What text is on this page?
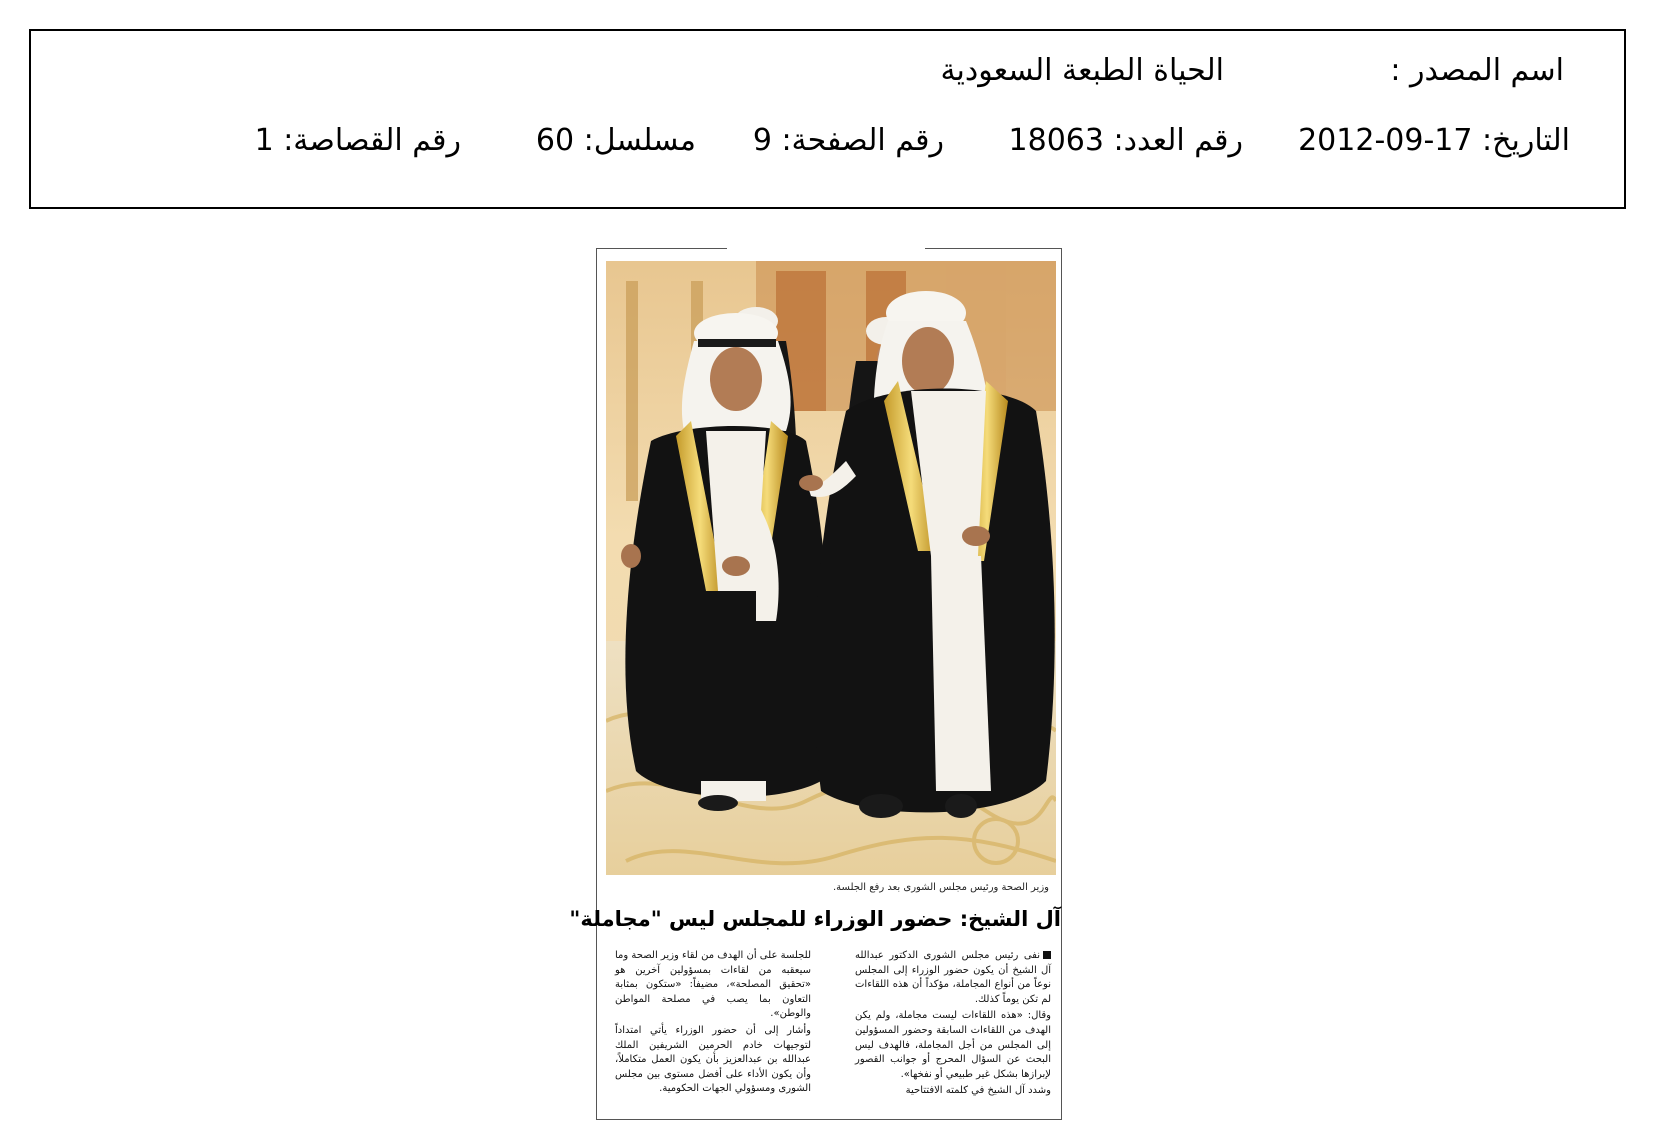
اسم المصدر :
الحياة الطبعة السعودية
التاريخ: 17-09-2012
رقم العدد: 18063
رقم الصفحة: 9
مسلسل: 60
رقم القصاصة: 1
وزير الصحة ورئيس مجلس الشورى بعد رفع الجلسة.
آل الشيخ: حضور الوزراء للمجلس ليس "مجاملة"

نفى رئيس مجلس الشورى الدكتور عبدالله آل الشيخ أن يكون حضور الوزراء إلى المجلس نوعاً من أنواع المجاملة، مؤكداً أن هذه اللقاءات لم تكن يوماً كذلك.

وقال: «هذه اللقاءات ليست مجاملة، ولم يكن الهدف من اللقاءات السابقة وحضور المسؤولين إلى المجلس من أجل المجاملة، فالهدف ليس البحث عن السؤال المحرج أو جوانب القصور لإبرازها بشكل غير طبيعي أو نفخها».

وشدد آل الشيخ في كلمته الافتتاحية

للجلسة على أن الهدف من لقاء وزير الصحة وما سيعقبه من لقاءات بمسؤولين آخرين هو «تحقيق المصلحة»، مضيفاً: «ستكون بمثابة التعاون بما يصب في مصلحة المواطن والوطن».

وأشار إلى أن حضور الوزراء يأتي امتداداً لتوجيهات خادم الحرمين الشريفين الملك عبدالله بن عبدالعزيز بأن يكون العمل متكاملاً، وأن يكون الأداء على أفضل مستوى بين مجلس الشورى ومسؤولي الجهات الحكومية.
